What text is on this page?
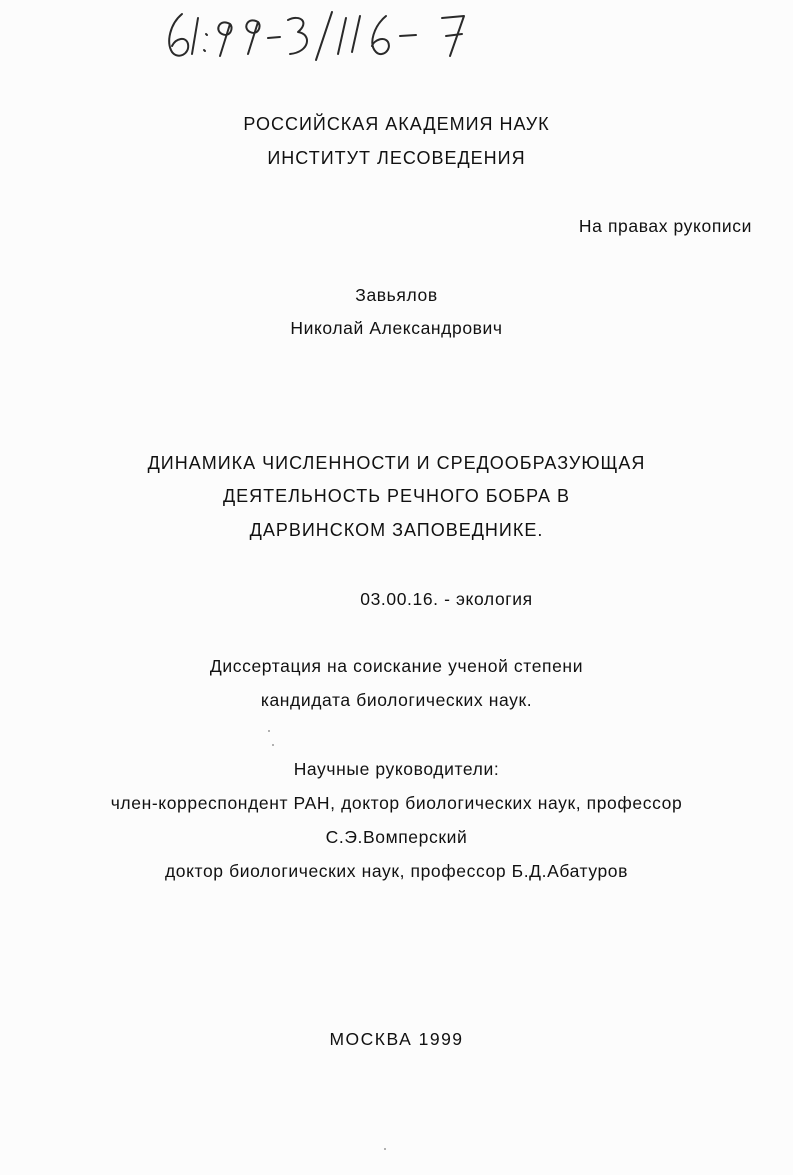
РОССИЙСКАЯ АКАДЕМИЯ НАУК
ИНСТИТУТ ЛЕСОВЕДЕНИЯ
На правах рукописи
Завьялов
Николай Александрович
ДИНАМИКА ЧИСЛЕННОСТИ И СРЕДООБРАЗУЮЩАЯ
ДЕЯТЕЛЬНОСТЬ РЕЧНОГО БОБРА В
ДАРВИНСКОМ ЗАПОВЕДНИКЕ.
03.00.16. - экология
Диссертация на соискание ученой степени
кандидата биологических наук.
Научные руководители:
член-корреспондент РАН, доктор биологических наук, профессор
С.Э.Вомперский
доктор биологических наук, профессор Б.Д.Абатуров
МОСКВА 1999
